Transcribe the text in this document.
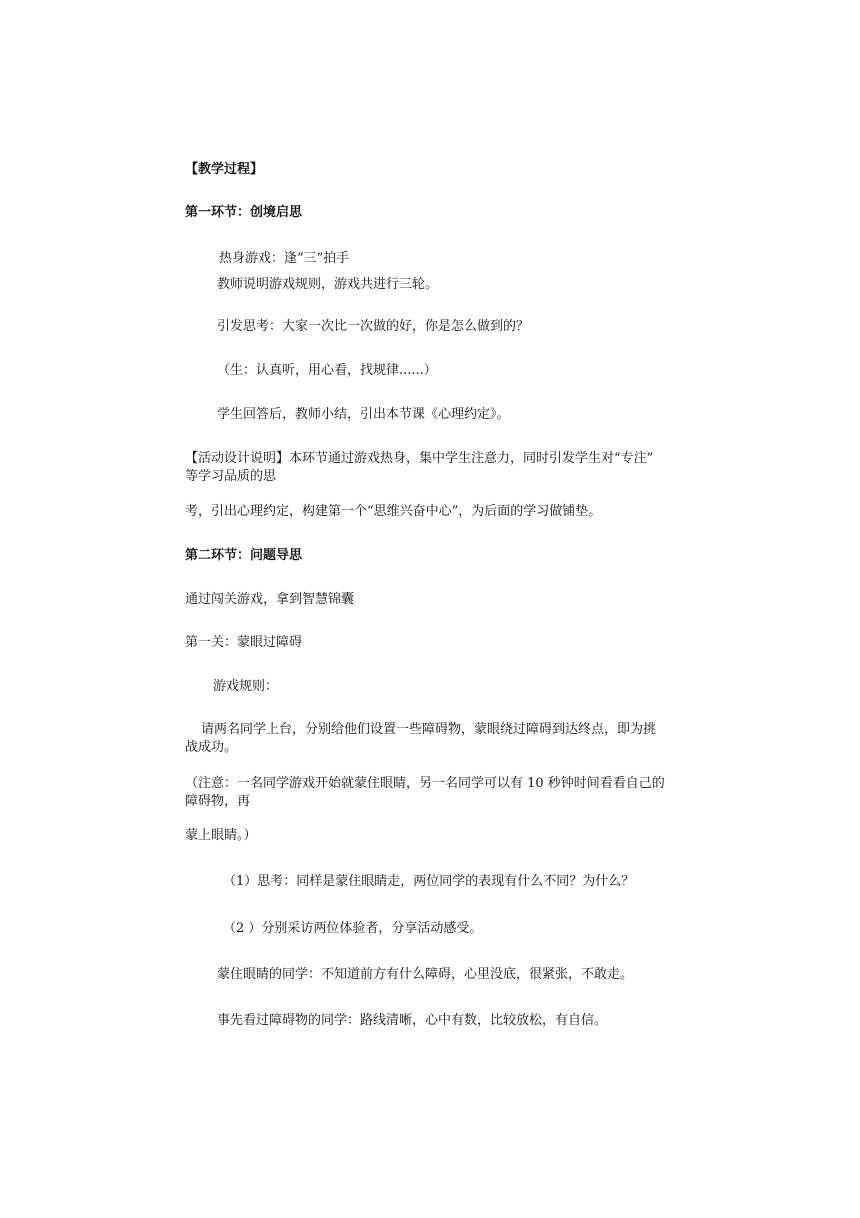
【教学过程】
第一环节：创境启思
热身游戏：逢“三”拍手
教师说明游戏规则，游戏共进行三轮。
引发思考：大家一次比一次做的好，你是怎么做到的？
（生：认真听，用心看，找规律......）
学生回答后，教师小结，引出本节课《心理约定》。
【活动设计说明】本环节通过游戏热身，集中学生注意力，同时引发学生对“专注”
等学习品质的思
考，引出心理约定，构建第一个“思维兴奋中心”，为后面的学习做铺垫。
第二环节：问题导思
通过闯关游戏，拿到智慧锦囊
第一关：蒙眼过障碍
游戏规则：
请两名同学上台，分别给他们设置一些障碍物，蒙眼绕过障碍到达终点，即为挑
战成功。
（注意：一名同学游戏开始就蒙住眼睛，另一名同学可以有 10 秒钟时间看看自己的
障碍物，再
蒙上眼睛。）
（1）思考：同样是蒙住眼睛走，两位同学的表现有什么不同？为什么？
（2 ）分别采访两位体验者，分享活动感受。
蒙住眼睛的同学：不知道前方有什么障碍，心里没底，很紧张，不敢走。
事先看过障碍物的同学：路线清晰，心中有数，比较放松，有自信。
